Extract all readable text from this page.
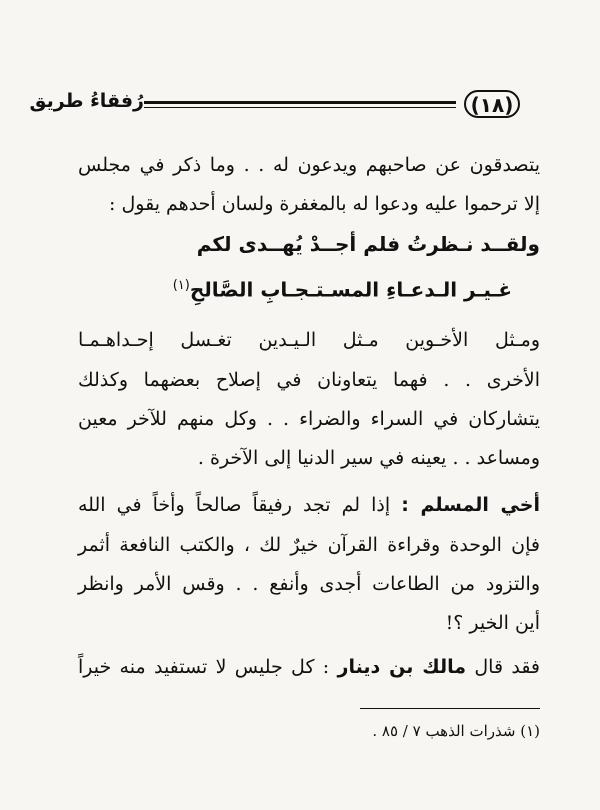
(١٨)
رُفقاءُ طريق
يتصدقون عن صاحبهم ويدعون له . . وما ذكر في مجلس
إلا ترحموا عليه ودعوا له بالمغفرة ولسان أحدهم يقول :
ولقــد نـظرتُ فلم أجــدْ يُهــدى لكم
غـيـر الـدعـاءِ المسـتـجـابِ الصَّالحِ$^{(١)}$
ومـثل الأخـوين مـثل الـيـدين تغـسل إحـداهـمـا
الأخرى . . فهما يتعاونان في إصلاح بعضهما وكذلك
يتشاركان في السراء والضراء . . وكل منهم للآخر معين
ومساعد . . يعينه في سير الدنيا إلى الآخرة .
أخي المسلم : إذا لم تجد رفيقاً صالحاً وأخاً في الله
فإن الوحدة وقراءة القرآن خيرٌ لك ، والكتب النافعة أثمر
والتزود من الطاعات أجدى وأنفع . . وقس الأمر وانظر
أين الخير ؟!
فقد قال مالك بن دينار : كل جليس لا تستفيد منه خيراً
(١) شذرات الذهب ٧ / ٨٥ .
